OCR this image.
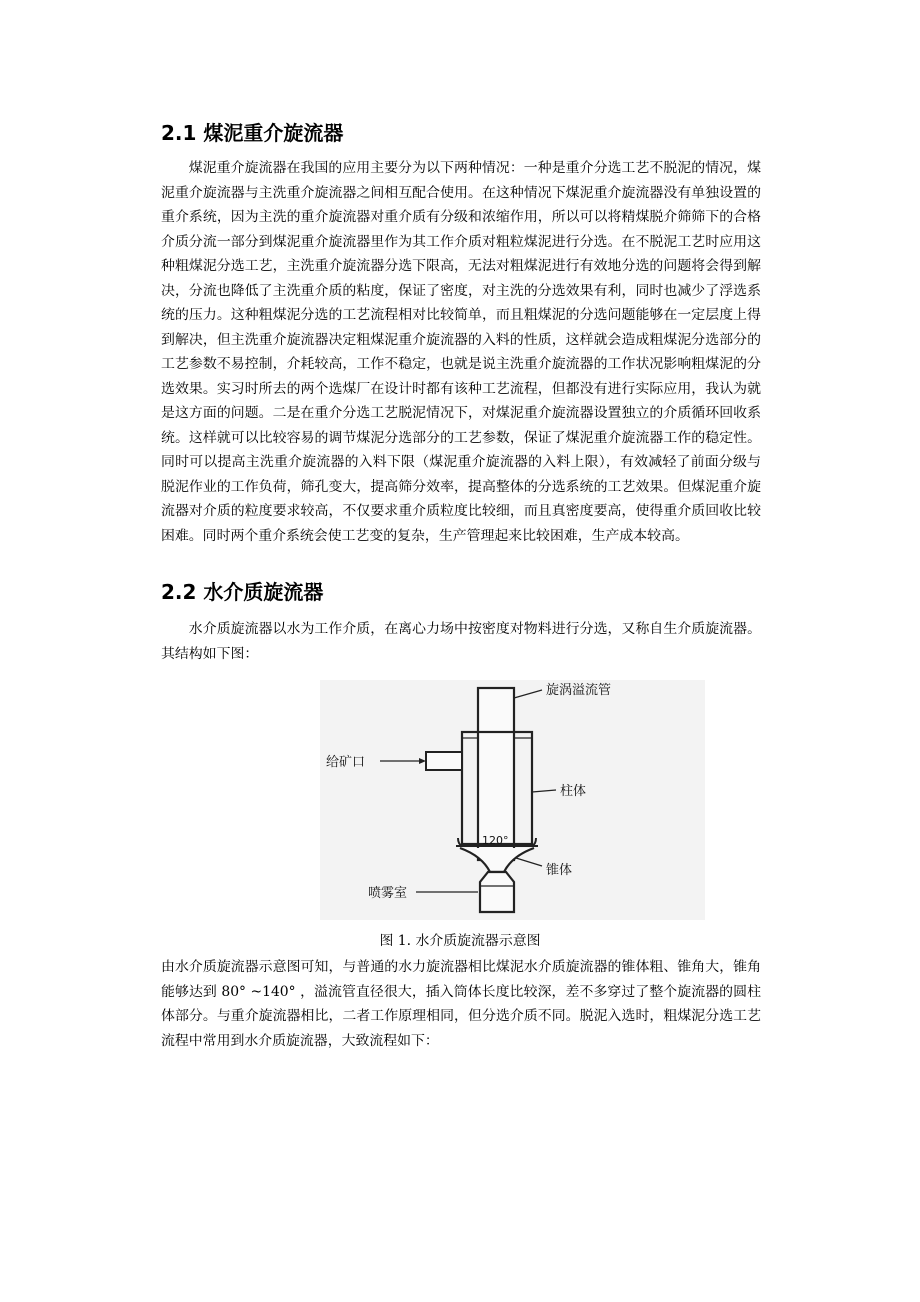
2.1 煤泥重介旋流器

煤泥重介旋流器在我国的应用主要分为以下两种情况：一种是重介分选工艺不脱泥的情况，煤泥重介旋流器与主洗重介旋流器之间相互配合使用。在这种情况下煤泥重介旋流器没有单独设置的重介系统，因为主洗的重介旋流器对重介质有分级和浓缩作用，所以可以将精煤脱介筛筛下的合格介质分流一部分到煤泥重介旋流器里作为其工作介质对粗粒煤泥进行分选。在不脱泥工艺时应用这种粗煤泥分选工艺，主洗重介旋流器分选下限高，无法对粗煤泥进行有效地分选的问题将会得到解决，分流也降低了主洗重介质的粘度，保证了密度，对主洗的分选效果有利，同时也减少了浮选系统的压力。这种粗煤泥分选的工艺流程相对比较简单，而且粗煤泥的分选问题能够在一定层度上得到解决，但主洗重介旋流器决定粗煤泥重介旋流器的入料的性质，这样就会造成粗煤泥分选部分的工艺参数不易控制，介耗较高，工作不稳定，也就是说主洗重介旋流器的工作状况影响粗煤泥的分选效果。实习时所去的两个选煤厂在设计时都有该种工艺流程，但都没有进行实际应用，我认为就是这方面的问题。二是在重介分选工艺脱泥情况下，对煤泥重介旋流器设置独立的介质循环回收系统。这样就可以比较容易的调节煤泥分选部分的工艺参数，保证了煤泥重介旋流器工作的稳定性。同时可以提高主洗重介旋流器的入料下限（煤泥重介旋流器的入料上限），有效减轻了前面分级与脱泥作业的工作负荷，筛孔变大，提高筛分效率，提高整体的分选系统的工艺效果。但煤泥重介旋流器对介质的粒度要求较高，不仅要求重介质粒度比较细，而且真密度要高，使得重介质回收比较困难。同时两个重介系统会使工艺变的复杂，生产管理起来比较困难，生产成本较高。

2.2 水介质旋流器

水介质旋流器以水为工作介质，在离心力场中按密度对物料进行分选，又称自生介质旋流器。其结构如下图：

旋涡溢流管
给矿口
柱体
120°
锥体
喷雾室

图 1. 水介质旋流器示意图

由水介质旋流器示意图可知，与普通的水力旋流器相比煤泥水介质旋流器的锥体粗、锥角大，锥角能够达到 80° ~140° ，溢流管直径很大，插入筒体长度比较深，差不多穿过了整个旋流器的圆柱体部分。与重介旋流器相比，二者工作原理相同，但分选介质不同。脱泥入选时，粗煤泥分选工艺流程中常用到水介质旋流器，大致流程如下：
